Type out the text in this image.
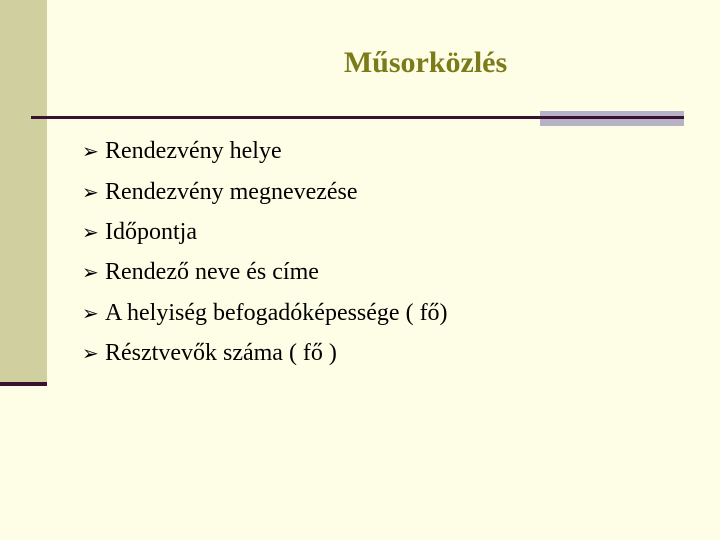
Műsorközlés
➢ Rendezvény helye
➢ Rendezvény megnevezése
➢ Időpontja
➢ Rendező neve és címe
➢ A helyiség befogadóképessége ( fő)
➢ Résztvevők száma ( fő )
